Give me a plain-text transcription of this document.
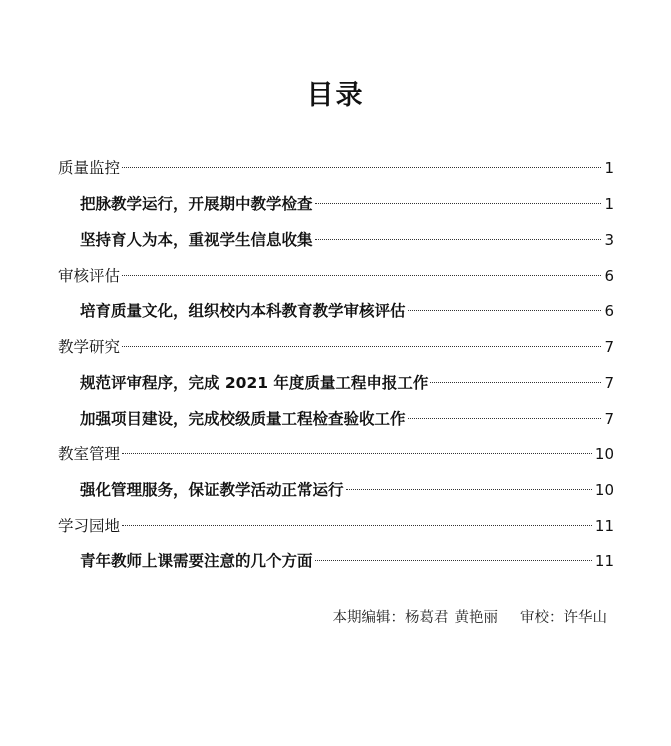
目录
质量监控	1
把脉教学运行，开展期中教学检查	1
坚持育人为本，重视学生信息收集	3
审核评估	6
培育质量文化，组织校内本科教育教学审核评估	6
教学研究	7
规范评审程序，完成 2021 年度质量工程申报工作	7
加强项目建设，完成校级质量工程检查验收工作	7
教室管理	10
强化管理服务，保证教学活动正常运行	10
学习园地	11
青年教师上课需要注意的几个方面	11
本期编辑：杨葛君 黄艳丽 审校：许华山
